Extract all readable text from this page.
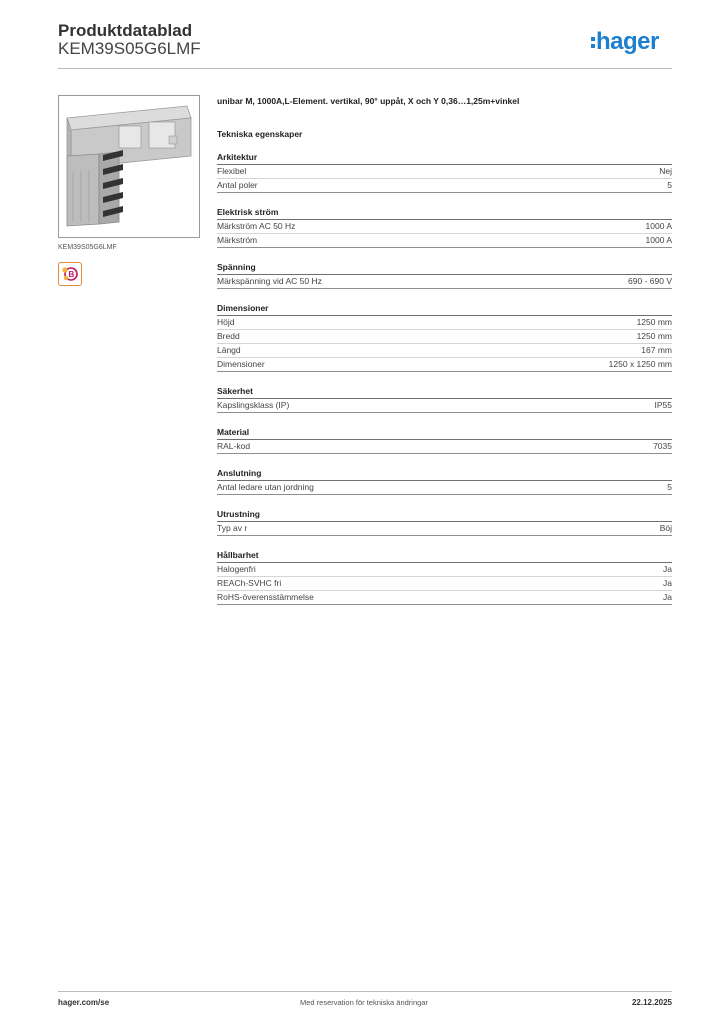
Produktdatablad
KEM39S05G6LMF	hager
KEM39S05G6LMF
B
unibar M, 1000A,L-Element. vertikal, 90° uppåt, X och Y 0,36…1,25m+vinkel
Tekniska egenskaper
Arkitektur
Flexibel	Nej
Antal poler	5
Elektrisk ström
Märkström AC 50 Hz	1000 A
Märkström	1000 A
Spänning
Märkspänning vid AC 50 Hz	690 - 690 V
Dimensioner
Höjd	1250 mm
Bredd	1250 mm
Längd	167 mm
Dimensioner	1250 x 1250 mm
Säkerhet
Kapslingsklass (IP)	IP55
Material
RAL-kod	7035
Anslutning
Antal ledare utan jordning	5
Utrustning
Typ av r	Böj
Hållbarhet
Halogenfri	Ja
REACh-SVHC fri	Ja
RoHS-överensstämmelse	Ja
hager.com/se	Med reservation för tekniska ändringar	22.12.2025
